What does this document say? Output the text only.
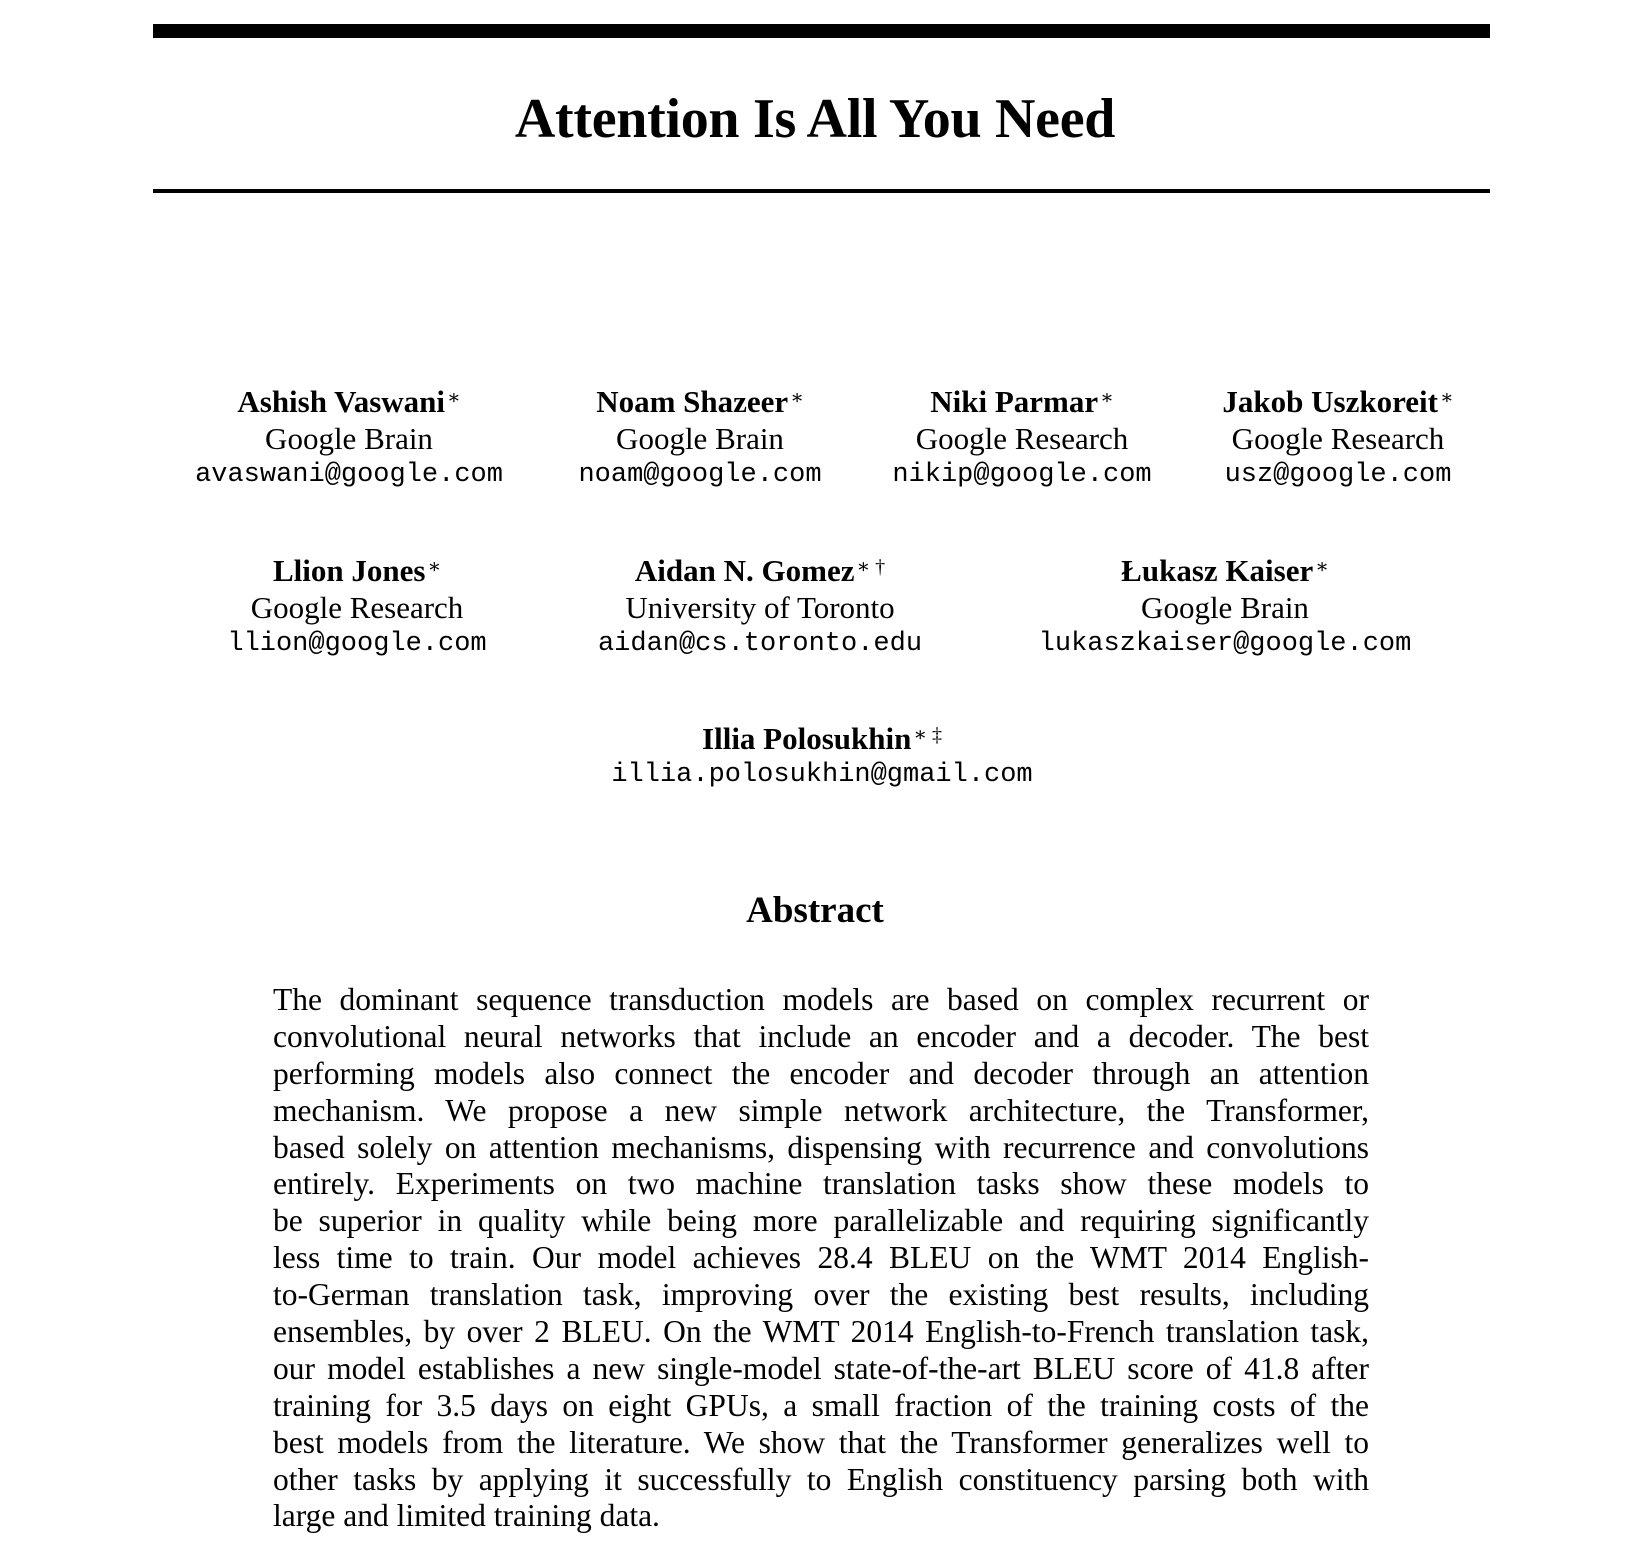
Attention Is All You Need
Ashish Vaswani ∗
Google Brain
avaswani@google.com
Noam Shazeer ∗
Google Brain
noam@google.com
Niki Parmar ∗
Google Research
nikip@google.com
Jakob Uszkoreit ∗
Google Research
usz@google.com
Llion Jones ∗
Google Research
llion@google.com
Aidan N. Gomez ∗ †
University of Toronto
aidan@cs.toronto.edu
Łukasz Kaiser ∗
Google Brain
lukaszkaiser@google.com
Illia Polosukhin ∗ ‡
illia.polosukhin@gmail.com
Abstract
The dominant sequence transduction models are based on complex recurrent or
convolutional neural networks that include an encoder and a decoder. The best
performing models also connect the encoder and decoder through an attention
mechanism. We propose a new simple network architecture, the Transformer,
based solely on attention mechanisms, dispensing with recurrence and convolutions
entirely. Experiments on two machine translation tasks show these models to
be superior in quality while being more parallelizable and requiring significantly
less time to train. Our model achieves 28.4 BLEU on the WMT 2014 English-
to-German translation task, improving over the existing best results, including
ensembles, by over 2 BLEU. On the WMT 2014 English-to-French translation task,
our model establishes a new single-model state-of-the-art BLEU score of 41.8 after
training for 3.5 days on eight GPUs, a small fraction of the training costs of the
best models from the literature. We show that the Transformer generalizes well to
other tasks by applying it successfully to English constituency parsing both with
large and limited training data.
